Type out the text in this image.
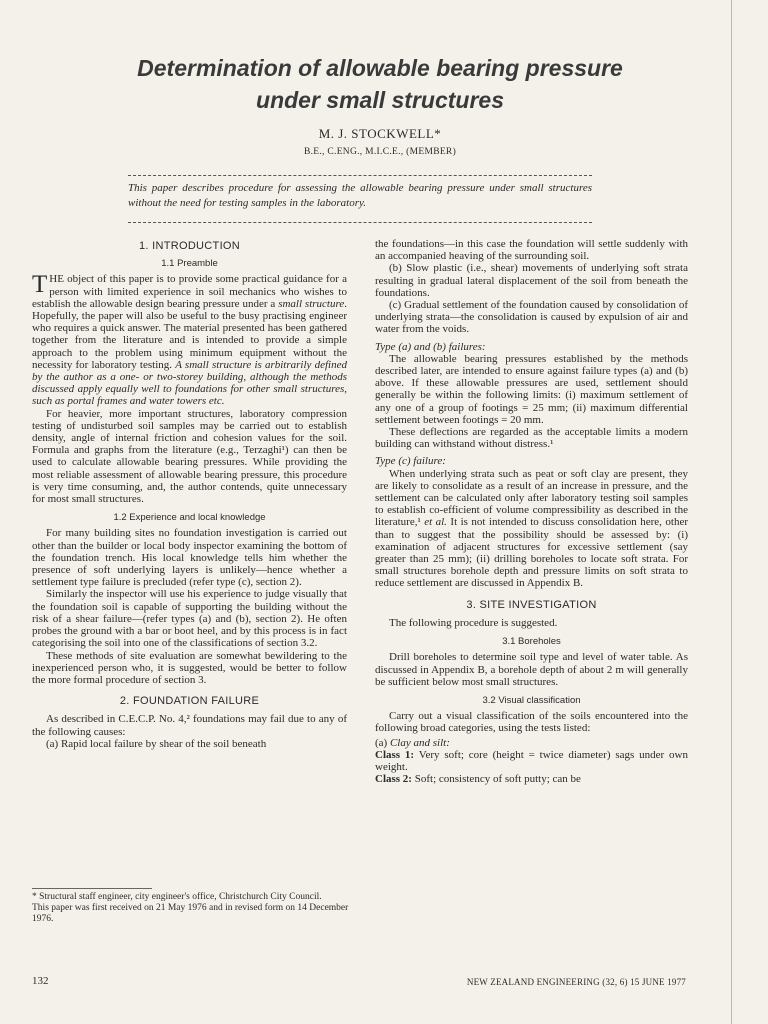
Determination of allowable bearing pressure
under small structures
M. J. STOCKWELL*
B.E., C.ENG., M.I.C.E., (MEMBER)
This paper describes procedure for assessing the allowable bearing pressure under small structures without the need for testing samples in the laboratory.
1. INTRODUCTION
1.1 Preamble

THE object of this paper is to provide some practical guidance for a person with limited experience in soil mechanics who wishes to establish the allowable design bearing pressure under a small structure. Hopefully, the paper will also be useful to the busy practising engineer who requires a quick answer. The material presented has been gathered together from the literature and is intended to provide a simple approach to the problem using minimum equipment without the necessity for laboratory testing. A small structure is arbitrarily defined by the author as a one- or two-storey building, although the methods discussed apply equally well to foundations for other small structures, such as portal frames and water towers etc.

For heavier, more important structures, laboratory compression testing of undisturbed soil samples may be carried out to establish density, angle of internal friction and cohesion values for the soil. Formula and graphs from the literature (e.g., Terzaghi¹) can then be used to calculate allowable bearing pressures. While providing the most reliable assessment of allowable bearing pressure, this procedure is very time consuming, and, the author contends, quite unnecessary for most small structures.

1.2 Experience and local knowledge

For many building sites no foundation investigation is carried out other than the builder or local body inspector examining the bottom of the foundation trench. His local knowledge tells him whether the presence of soft underlying layers is unlikely—hence whether a settlement type failure is precluded (refer type (c), section 2).

Similarly the inspector will use his experience to judge visually that the foundation soil is capable of supporting the building without the risk of a shear failure—(refer types (a) and (b), section 2). He often probes the ground with a bar or boot heel, and by this process is in fact categorising the soil into one of the classifications of section 3.2.

These methods of site evaluation are somewhat bewildering to the inexperienced person who, it is suggested, would be better to follow the more formal procedure of section 3.

2. FOUNDATION FAILURE

As described in C.E.C.P. No. 4,² foundations may fail due to any of the following causes:

(a) Rapid local failure by shear of the soil beneath

the foundations—in this case the foundation will settle suddenly with an accompanied heaving of the surrounding soil.

(b) Slow plastic (i.e., shear) movements of underlying soft strata resulting in gradual lateral displacement of the soil from beneath the foundations.

(c) Gradual settlement of the foundation caused by consolidation of underlying strata—the consolidation is caused by expulsion of air and water from the voids.

Type (a) and (b) failures:

The allowable bearing pressures established by the methods described later, are intended to ensure against failure types (a) and (b) above. If these allowable pressures are used, settlement should generally be within the following limits: (i) maximum settlement of any one of a group of footings = 25 mm; (ii) maximum differential settlement between footings = 20 mm.

These deflections are regarded as the acceptable limits a modern building can withstand without distress.¹

Type (c) failure:

When underlying strata such as peat or soft clay are present, they are likely to consolidate as a result of an increase in pressure, and the settlement can be calculated only after laboratory testing soil samples to establish co-efficient of volume compressibility as described in the literature,¹ et al. It is not intended to discuss consolidation here, other than to suggest that the possibility should be assessed by: (i) examination of adjacent structures for excessive settlement (say greater than 25 mm); (ii) drilling boreholes to locate soft strata. For small structures borehole depth and pressure limits on soft strata to reduce settlement are discussed in Appendix B.

3. SITE INVESTIGATION

The following procedure is suggested.

3.1 Boreholes

Drill boreholes to determine soil type and level of water table. As discussed in Appendix B, a borehole depth of about 2 m will generally be sufficient below most small structures.

3.2 Visual classification

Carry out a visual classification of the soils encountered into the following broad categories, using the tests listed:

(a) Clay and silt:

Class 1: Very soft; core (height = twice diameter) sags under own weight.

Class 2: Soft; consistency of soft putty; can be

* Structural staff engineer, city engineer's office, Christchurch City Council.

This paper was first received on 21 May 1976 and in revised form on 14 December 1976.

132	NEW ZEALAND ENGINEERING (32, 6) 15 JUNE 1977
